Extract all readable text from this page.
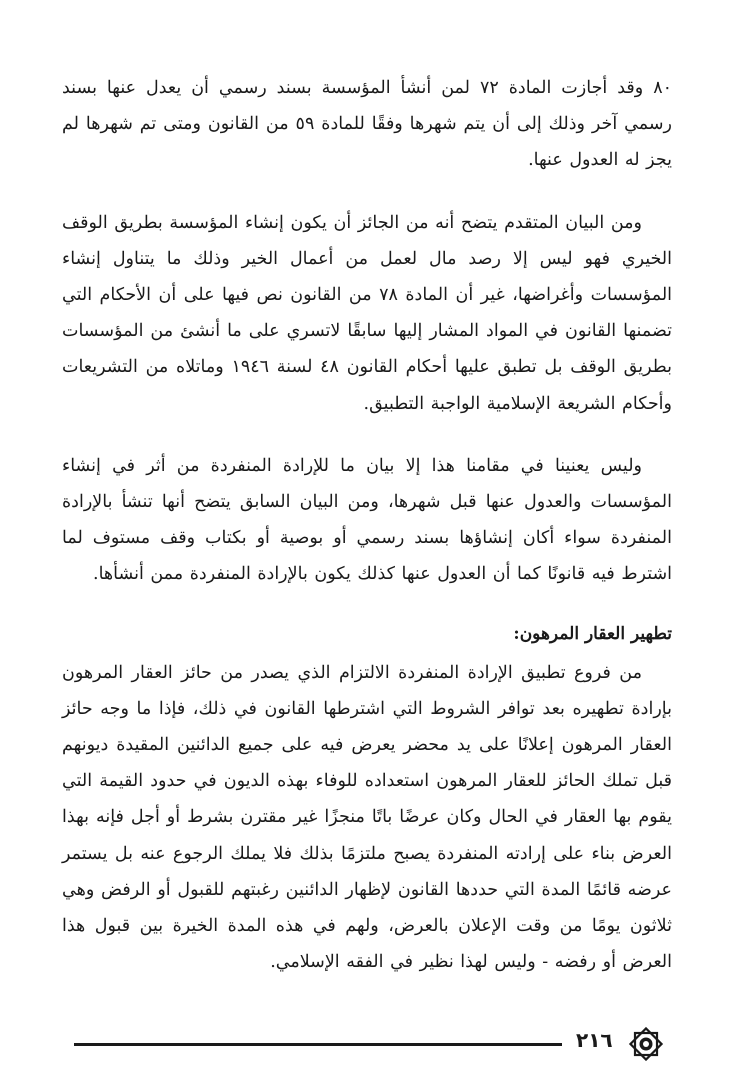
٨٠ وقد أجازت المادة ٧٢ لمن أنشأ المؤسسة بسند رسمي أن يعدل عنها بسند رسمي آخر وذلك إلى أن يتم شهرها وفقًا للمادة ٥٩ من القانون ومتى تم شهرها لم يجز له العدول عنها.

ومن البيان المتقدم يتضح أنه من الجائز أن يكون إنشاء المؤسسة بطريق الوقف الخيري فهو ليس إلا رصد مال لعمل من أعمال الخير وذلك ما يتناول إنشاء المؤسسات وأغراضها، غير أن المادة ٧٨ من القانون نص فيها على أن الأحكام التي تضمنها القانون في المواد المشار إليها سابقًا لاتسري على ما أنشئ من المؤسسات بطريق الوقف بل تطبق عليها أحكام القانون ٤٨ لسنة ١٩٤٦ وماتلاه من التشريعات وأحكام الشريعة الإسلامية الواجبة التطبيق.

وليس يعنينا في مقامنا هذا إلا بيان ما للإرادة المنفردة من أثر في إنشاء المؤسسات والعدول عنها قبل شهرها، ومن البيان السابق يتضح أنها تنشأ بالإرادة المنفردة سواء أكان إنشاؤها بسند رسمي أو بوصية أو بكتاب وقف مستوف لما اشترط فيه قانونًا كما أن العدول عنها كذلك يكون بالإرادة المنفردة ممن أنشأها.

تطهير العقار المرهون:

من فروع تطبيق الإرادة المنفردة الالتزام الذي يصدر من حائز العقار المرهون بإرادة تطهيره بعد توافر الشروط التي اشترطها القانون في ذلك، فإذا ما وجه حائز العقار المرهون إعلانًا على يد محضر يعرض فيه على جميع الدائنين المقيدة ديونهم قبل تملك الحائز للعقار المرهون استعداده للوفاء بهذه الديون في حدود القيمة التي يقوم بها العقار في الحال وكان عرضًا باتًا منجزًا غير مقترن بشرط أو أجل فإنه بهذا العرض بناء على إرادته المنفردة يصبح ملتزمًا بذلك فلا يملك الرجوع عنه بل يستمر عرضه قائمًا المدة التي حددها القانون لإظهار الدائنين رغبتهم للقبول أو الرفض وهي ثلاثون يومًا من وقت الإعلان بالعرض، ولهم في هذه المدة الخيرة بين قبول هذا العرض أو رفضه - وليس لهذا نظير في الفقه الإسلامي.

٢١٦
